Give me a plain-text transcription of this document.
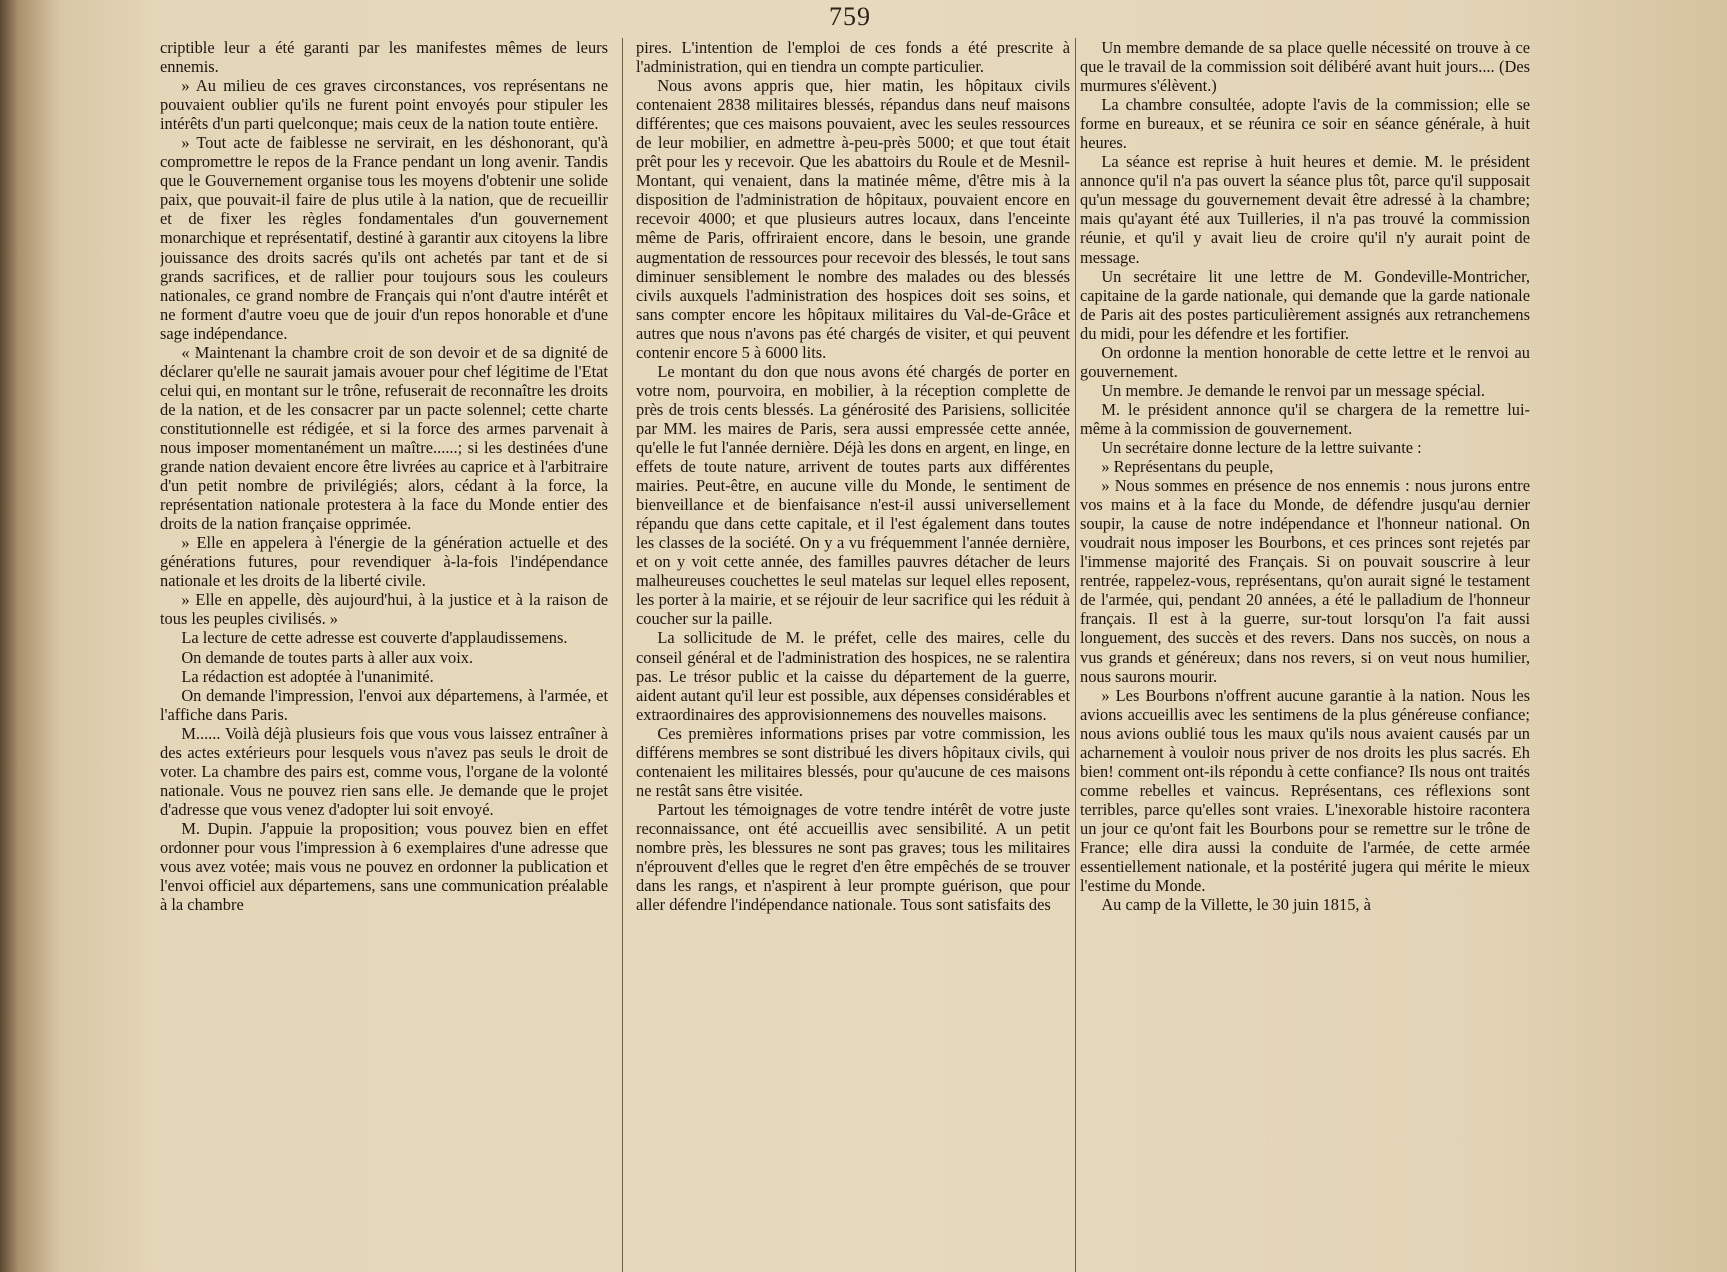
759

criptible leur a été garanti par les manifestes mêmes de leurs ennemis.

» Au milieu de ces graves circonstances, vos représentans ne pouvaient oublier qu'ils ne furent point envoyés pour stipuler les intérêts d'un parti quelconque; mais ceux de la nation toute entière.

» Tout acte de faiblesse ne servirait, en les déshonorant, qu'à compromettre le repos de la France pendant un long avenir. Tandis que le Gouvernement organise tous les moyens d'obtenir une solide paix, que pouvait-il faire de plus utile à la nation, que de recueillir et de fixer les règles fondamentales d'un gouvernement monarchique et représentatif, destiné à garantir aux citoyens la libre jouissance des droits sacrés qu'ils ont achetés par tant et de si grands sacrifices, et de rallier pour toujours sous les couleurs nationales, ce grand nombre de Français qui n'ont d'autre intérêt et ne forment d'autre voeu que de jouir d'un repos honorable et d'une sage indépendance.

« Maintenant la chambre croit de son devoir et de sa dignité de déclarer qu'elle ne saurait jamais avouer pour chef légitime de l'Etat celui qui, en montant sur le trône, refuserait de reconnaître les droits de la nation, et de les consacrer par un pacte solennel; cette charte constitutionnelle est rédigée, et si la force des armes parvenait à nous imposer momentanément un maître......; si les destinées d'une grande nation devaient encore être livrées au caprice et à l'arbitraire d'un petit nombre de privilégiés; alors, cédant à la force, la représentation nationale protestera à la face du Monde entier des droits de la nation française opprimée.

» Elle en appelera à l'énergie de la génération actuelle et des générations futures, pour revendiquer à-la-fois l'indépendance nationale et les droits de la liberté civile.

» Elle en appelle, dès aujourd'hui, à la justice et à la raison de tous les peuples civilisés. »

La lecture de cette adresse est couverte d'applaudissemens.

On demande de toutes parts à aller aux voix.

La rédaction est adoptée à l'unanimité.

On demande l'impression, l'envoi aux départemens, à l'armée, et l'affiche dans Paris.

M...... Voilà déjà plusieurs fois que vous vous laissez entraîner à des actes extérieurs pour lesquels vous n'avez pas seuls le droit de voter. La chambre des pairs est, comme vous, l'organe de la volonté nationale. Vous ne pouvez rien sans elle. Je demande que le projet d'adresse que vous venez d'adopter lui soit envoyé.

M. Dupin. J'appuie la proposition; vous pouvez bien en effet ordonner pour vous l'impression à 6 exemplaires d'une adresse que vous avez votée; mais vous ne pouvez en ordonner la publication et l'envoi officiel aux départemens, sans une communication préalable à la chambre

pires. L'intention de l'emploi de ces fonds a été prescrite à l'administration, qui en tiendra un compte particulier.

Nous avons appris que, hier matin, les hôpitaux civils contenaient 2838 militaires blessés, répandus dans neuf maisons différentes; que ces maisons pouvaient, avec les seules ressources de leur mobilier, en admettre à-peu-près 5000; et que tout était prêt pour les y recevoir. Que les abattoirs du Roule et de Mesnil-Montant, qui venaient, dans la matinée même, d'être mis à la disposition de l'administration de hôpitaux, pouvaient encore en recevoir 4000; et que plusieurs autres locaux, dans l'enceinte même de Paris, offriraient encore, dans le besoin, une grande augmentation de ressources pour recevoir des blessés, le tout sans diminuer sensiblement le nombre des malades ou des blessés civils auxquels l'administration des hospices doit ses soins, et sans compter encore les hôpitaux militaires du Val-de-Grâce et autres que nous n'avons pas été chargés de visiter, et qui peuvent contenir encore 5 à 6000 lits.

Le montant du don que nous avons été chargés de porter en votre nom, pourvoira, en mobilier, à la réception complette de près de trois cents blessés. La générosité des Parisiens, sollicitée par MM. les maires de Paris, sera aussi empressée cette année, qu'elle le fut l'année dernière. Déjà les dons en argent, en linge, en effets de toute nature, arrivent de toutes parts aux différentes mairies. Peut-être, en aucune ville du Monde, le sentiment de bienveillance et de bienfaisance n'est-il aussi universellement répandu que dans cette capitale, et il l'est également dans toutes les classes de la société. On y a vu fréquemment l'année dernière, et on y voit cette année, des familles pauvres détacher de leurs malheureuses couchettes le seul matelas sur lequel elles reposent, les porter à la mairie, et se réjouir de leur sacrifice qui les réduit à coucher sur la paille.

La sollicitude de M. le préfet, celle des maires, celle du conseil général et de l'administration des hospices, ne se ralentira pas. Le trésor public et la caisse du département de la guerre, aident autant qu'il leur est possible, aux dépenses considérables et extraordinaires des approvisionnemens des nouvelles maisons.

Ces premières informations prises par votre commission, les différens membres se sont distribué les divers hôpitaux civils, qui contenaient les militaires blessés, pour qu'aucune de ces maisons ne restât sans être visitée.

Partout les témoignages de votre tendre intérêt de votre juste reconnaissance, ont été accueillis avec sensibilité. A un petit nombre près, les blessures ne sont pas graves; tous les militaires n'éprouvent d'elles que le regret d'en être empêchés de se trouver dans les rangs, et n'aspirent à leur prompte guérison, que pour aller défendre l'indépendance nationale. Tous sont satisfaits des

Un membre demande de sa place quelle nécessité on trouve à ce que le travail de la commission soit délibéré avant huit jours.... (Des murmures s'élèvent.)

La chambre consultée, adopte l'avis de la commission; elle se forme en bureaux, et se réunira ce soir en séance générale, à huit heures.

La séance est reprise à huit heures et demie. M. le président annonce qu'il n'a pas ouvert la séance plus tôt, parce qu'il supposait qu'un message du gouvernement devait être adressé à la chambre; mais qu'ayant été aux Tuilleries, il n'a pas trouvé la commission réunie, et qu'il y avait lieu de croire qu'il n'y aurait point de message.

Un secrétaire lit une lettre de M. Gondeville-Montricher, capitaine de la garde nationale, qui demande que la garde nationale de Paris ait des postes particulièrement assignés aux retranchemens du midi, pour les défendre et les fortifier.

On ordonne la mention honorable de cette lettre et le renvoi au gouvernement.

Un membre. Je demande le renvoi par un message spécial.

M. le président annonce qu'il se chargera de la remettre lui-même à la commission de gouvernement.

Un secrétaire donne lecture de la lettre suivante :

» Représentans du peuple,

» Nous sommes en présence de nos ennemis : nous jurons entre vos mains et à la face du Monde, de défendre jusqu'au dernier soupir, la cause de notre indépendance et l'honneur national. On voudrait nous imposer les Bourbons, et ces princes sont rejetés par l'immense majorité des Français. Si on pouvait souscrire à leur rentrée, rappelez-vous, représentans, qu'on aurait signé le testament de l'armée, qui, pendant 20 années, a été le palladium de l'honneur français. Il est à la guerre, sur-tout lorsqu'on l'a fait aussi longuement, des succès et des revers. Dans nos succès, on nous a vus grands et généreux; dans nos revers, si on veut nous humilier, nous saurons mourir.

» Les Bourbons n'offrent aucune garantie à la nation. Nous les avions accueillis avec les sentimens de la plus généreuse confiance; nous avions oublié tous les maux qu'ils nous avaient causés par un acharnement à vouloir nous priver de nos droits les plus sacrés. Eh bien! comment ont-ils répondu à cette confiance? Ils nous ont traités comme rebelles et vaincus. Représentans, ces réflexions sont terribles, parce qu'elles sont vraies. L'inexorable histoire racontera un jour ce qu'ont fait les Bourbons pour se remettre sur le trône de France; elle dira aussi la conduite de l'armée, de cette armée essentiellement nationale, et la postérité jugera qui mérite le mieux l'estime du Monde.

Au camp de la Villette, le 30 juin 1815, à
